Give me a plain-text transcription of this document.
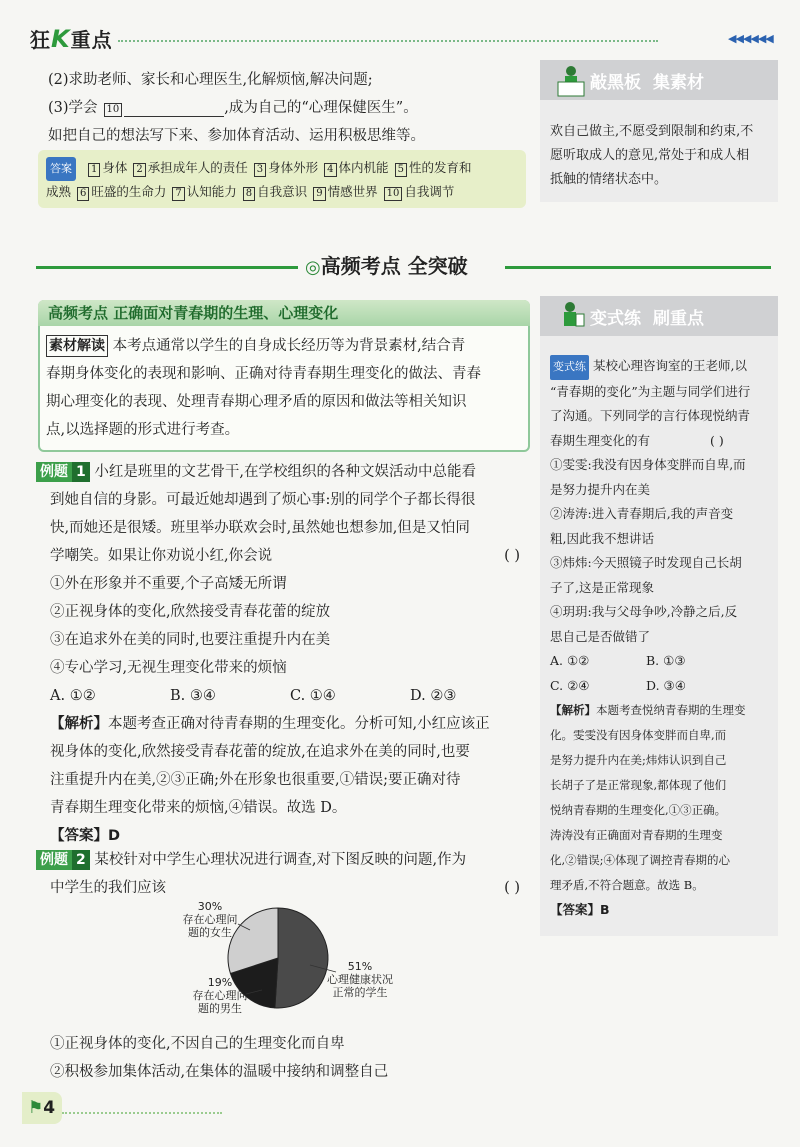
狂K重点	◀◀◀◀◀◀
(2)求助老师、家长和心理医生,化解烦恼,解决问题;
(3)学会 10	,成为自己的“心理保健医生”。
如把自己的想法写下来、参加体育活动、运用积极思维等。
答案 1 身体 2 承担成年人的责任 3 身体外形 4 体内机能 5 性的发育和
成熟 6 旺盛的生命力 7 认知能力 8 自我意识 9 情感世界 10 自我调节
敲黑板 集素材
欢自己做主,不愿受到限制和约束,不
愿听取成人的意见,常处于和成人相
抵触的情绪状态中。
◎高频考点 全突破
高频考点 正确面对青春期的生理、心理变化
素材解读 本考点通常以学生的自身成长经历等为背景素材,结合青
春期身体变化的表现和影响、正确对待青春期生理变化的做法、青春
期心理变化的表现、处理青春期心理矛盾的原因和做法等相关知识
点,以选择题的形式进行考查。
例题 1 小红是班里的文艺骨干,在学校组织的各种文娱活动中总能看
到她自信的身影。可最近她却遇到了烦心事:别的同学个子都长得很
快,而她还是很矮。班里举办联欢会时,虽然她也想参加,但是又怕同
学嘲笑。如果让你劝说小红,你会说	( )
①外在形象并不重要,个子高矮无所谓
②正视身体的变化,欣然接受青春花蕾的绽放
③在追求外在美的同时,也要注重提升内在美
④专心学习,无视生理变化带来的烦恼
A. ①②	B. ③④	C. ①④	D. ②③
【解析】本题考查正确对待青春期的生理变化。分析可知,小红应该正
视身体的变化,欣然接受青春花蕾的绽放,在追求外在美的同时,也要
注重提升内在美,②③正确;外在形象也很重要,①错误;要正确对待
青春期生理变化带来的烦恼,④错误。故选 D。
【答案】D
例题 2 某校针对中学生心理状况进行调查,对下图反映的问题,作为
中学生的我们应该	( )
30%
存在心理问
题的女生
51%
心理健康状况
正常的学生
19%
存在心理问
题的男生
①正视身体的变化,不因自己的生理变化而自卑
②积极参加集体活动,在集体的温暖中接纳和调整自己
变式练 刷重点
变式练 某校心理咨询室的王老师,以
“青春期的变化”为主题与同学们进行
了沟通。下列同学的言行体现悦纳青
春期生理变化的有	( )
①雯雯:我没有因身体变胖而自卑,而
是努力提升内在美
②涛涛:进入青春期后,我的声音变
粗,因此我不想讲话
③炜炜:今天照镜子时发现自己长胡
子了,这是正常现象
④玥玥:我与父母争吵,冷静之后,反
思自己是否做错了
A. ①②	B. ①③
C. ②④	D. ③④
【解析】本题考查悦纳青春期的生理变
化。雯雯没有因身体变胖而自卑,而
是努力提升内在美;炜炜认识到自己
长胡子了是正常现象,都体现了他们
悦纳青春期的生理变化,①③正确。
涛涛没有正确面对青春期的生理变
化,②错误;④体现了调控青春期的心
理矛盾,不符合题意。故选 B。
【答案】B
⚑4
